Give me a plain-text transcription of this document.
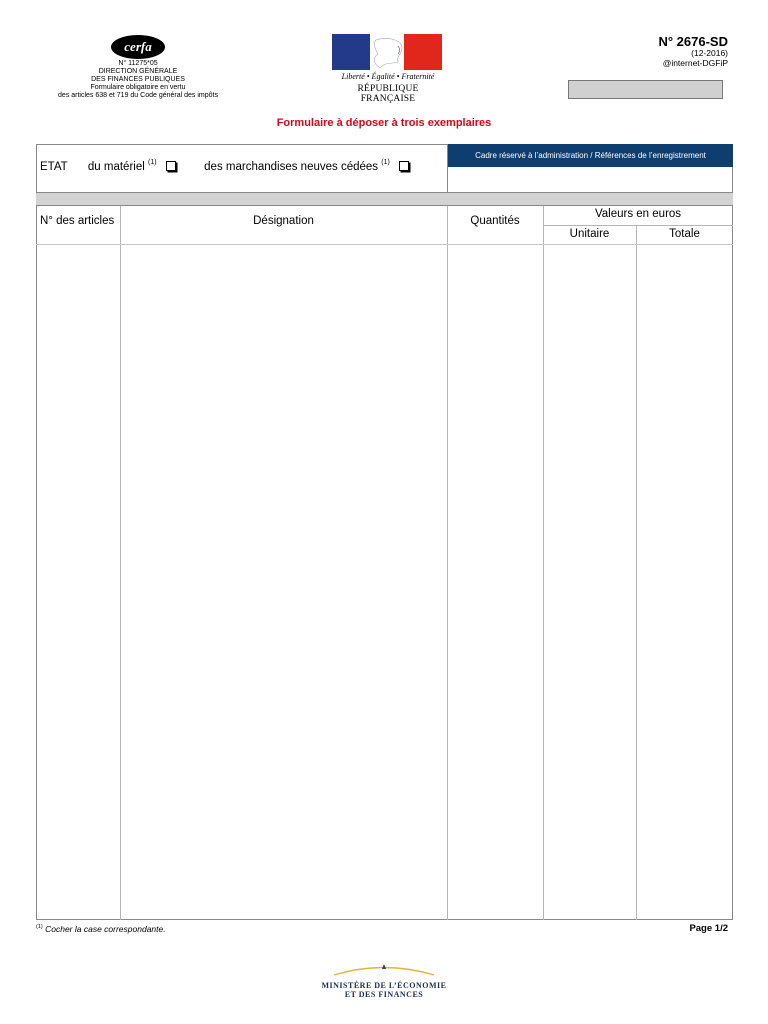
cerfa
N° 11275*05
DIRECTION GÉNÉRALE
DES FINANCES PUBLIQUES
Formulaire obligatoire en vertu
des articles 638 et 719 du Code général des impôts
Liberté • Égalité • Fraternité
RÉPUBLIQUE FRANÇAISE
N° 2676-SD
(12-2016)
@internet-DGFiP
Formulaire à déposer à trois exemplaires
ETAT du matériel $^{(1)}$	des marchandises neuves cédées $^{(1)}$
Cadre réservé à l’administration / Références de l’enregistrement
N° des articles	Désignation	Quantités
Valeurs en euros
Unitaire	Totale
$^{(1)}$ Cocher la case correspondante.	Page 1/2
MINISTÈRE DE L’ÉCONOMIE
ET DES FINANCES
